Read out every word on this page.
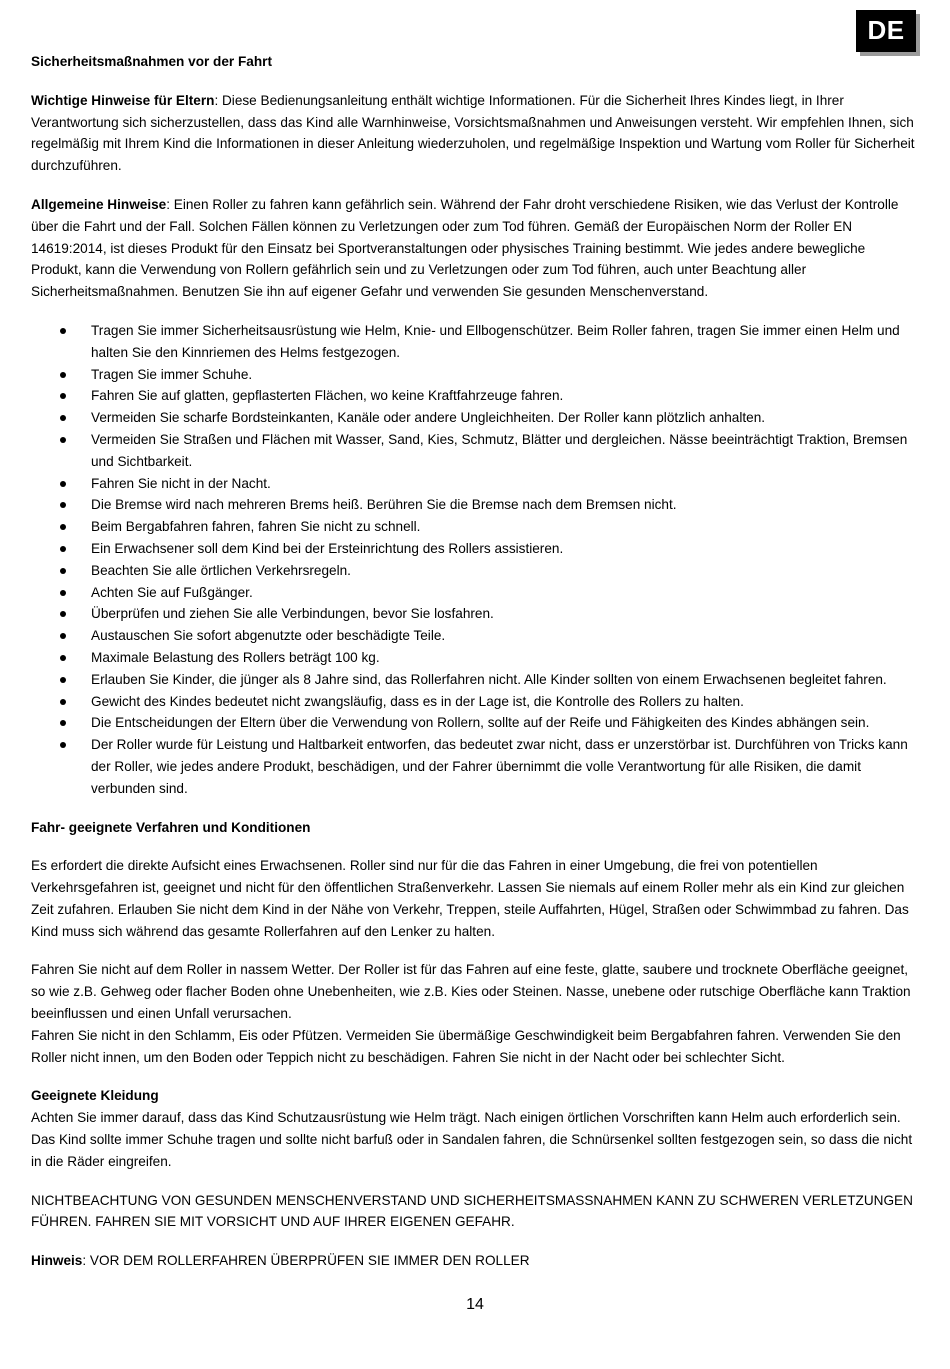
DE
Sicherheitsmaßnahmen vor der Fahrt

Wichtige Hinweise für Eltern: Diese Bedienungsanleitung enthält wichtige Informationen. Für die Sicherheit Ihres Kindes liegt, in Ihrer Verantwortung sich sicherzustellen, dass das Kind alle Warnhinweise, Vorsichtsmaßnahmen und Anweisungen versteht. Wir empfehlen Ihnen, sich regelmäßig mit Ihrem Kind die Informationen in dieser Anleitung wiederzuholen, und regelmäßige Inspektion und Wartung vom Roller für Sicherheit durchzuführen.

Allgemeine Hinweise: Einen Roller zu fahren kann gefährlich sein. Während der Fahr droht verschiedene Risiken, wie das Verlust der Kontrolle über die Fahrt und der Fall. Solchen Fällen können zu Verletzungen oder zum Tod führen. Gemäß der Europäischen Norm der Roller EN 14619:2014, ist dieses Produkt für den Einsatz bei Sportveranstaltungen oder physisches Training bestimmt. Wie jedes andere bewegliche Produkt, kann die Verwendung von Rollern gefährlich sein und zu Verletzungen oder zum Tod führen, auch unter Beachtung aller Sicherheitsmaßnahmen. Benutzen Sie ihn auf eigener Gefahr und verwenden Sie gesunden Menschenverstand.

Tragen Sie immer Sicherheitsausrüstung wie Helm, Knie- und Ellbogenschützer. Beim Roller fahren, tragen Sie immer einen Helm und halten Sie den Kinnriemen des Helms festgezogen.
Tragen Sie immer Schuhe.
Fahren Sie auf glatten, gepflasterten Flächen, wo keine Kraftfahrzeuge fahren.
Vermeiden Sie scharfe Bordsteinkanten, Kanäle oder andere Ungleichheiten. Der Roller kann plötzlich anhalten.
Vermeiden Sie Straßen und Flächen mit Wasser, Sand, Kies, Schmutz, Blätter und dergleichen. Nässe beeinträchtigt Traktion, Bremsen und Sichtbarkeit.
Fahren Sie nicht in der Nacht.
Die Bremse wird nach mehreren Brems heiß. Berühren Sie die Bremse nach dem Bremsen nicht.
Beim Bergabfahren fahren, fahren Sie nicht zu schnell.
Ein Erwachsener soll dem Kind bei der Ersteinrichtung des Rollers assistieren.
Beachten Sie alle örtlichen Verkehrsregeln.
Achten Sie auf Fußgänger.
Überprüfen und ziehen Sie alle Verbindungen, bevor Sie losfahren.
Austauschen Sie sofort abgenutzte oder beschädigte Teile.
Maximale Belastung des Rollers beträgt 100 kg.
Erlauben Sie Kinder, die jünger als 8 Jahre sind, das Rollerfahren nicht. Alle Kinder sollten von einem Erwachsenen begleitet fahren.
Gewicht des Kindes bedeutet nicht zwangsläufig, dass es in der Lage ist, die Kontrolle des Rollers zu halten.
Die Entscheidungen der Eltern über die Verwendung von Rollern, sollte auf der Reife und Fähigkeiten des Kindes abhängen sein.
Der Roller wurde für Leistung und Haltbarkeit entworfen, das bedeutet zwar nicht, dass er unzerstörbar ist. Durchführen von Tricks kann der Roller, wie jedes andere Produkt, beschädigen, und der Fahrer übernimmt die volle Verantwortung für alle Risiken, die damit verbunden sind.
Fahr- geeignete Verfahren und Konditionen

Es erfordert die direkte Aufsicht eines Erwachsenen. Roller sind nur für die das Fahren in einer Umgebung, die frei von potentiellen Verkehrsgefahren ist, geeignet und nicht für den öffentlichen Straßenverkehr. Lassen Sie niemals auf einem Roller mehr als ein Kind zur gleichen Zeit zufahren. Erlauben Sie nicht dem Kind in der Nähe von Verkehr, Treppen, steile Auffahrten, Hügel, Straßen oder Schwimmbad zu fahren. Das Kind muss sich während das gesamte Rollerfahren auf den Lenker zu halten.

Fahren Sie nicht auf dem Roller in nassem Wetter. Der Roller ist für das Fahren auf eine feste, glatte, saubere und trocknete Oberfläche geeignet, so wie z.B. Gehweg oder flacher Boden ohne Unebenheiten, wie z.B. Kies oder Steinen. Nasse, unebene oder rutschige Oberfläche kann Traktion beeinflussen und einen Unfall verursachen.

Fahren Sie nicht in den Schlamm, Eis oder Pfützen. Vermeiden Sie übermäßige Geschwindigkeit beim Bergabfahren fahren. Verwenden Sie den Roller nicht innen, um den Boden oder Teppich nicht zu beschädigen. Fahren Sie nicht in der Nacht oder bei schlechter Sicht.

Geeignete Kleidung

Achten Sie immer darauf, dass das Kind Schutzausrüstung wie Helm trägt. Nach einigen örtlichen Vorschriften kann Helm auch erforderlich sein. Das Kind sollte immer Schuhe tragen und sollte nicht barfuß oder in Sandalen fahren, die Schnürsenkel sollten festgezogen sein, so dass die nicht in die Räder eingreifen.

NICHTBEACHTUNG VON GESUNDEN MENSCHENVERSTAND UND SICHERHEITSMASSNAHMEN KANN ZU SCHWEREN VERLETZUNGEN FÜHREN. FAHREN SIE MIT VORSICHT UND AUF IHRER EIGENEN GEFAHR.

Hinweis: VOR DEM ROLLERFAHREN ÜBERPRÜFEN SIE IMMER DEN ROLLER

14
